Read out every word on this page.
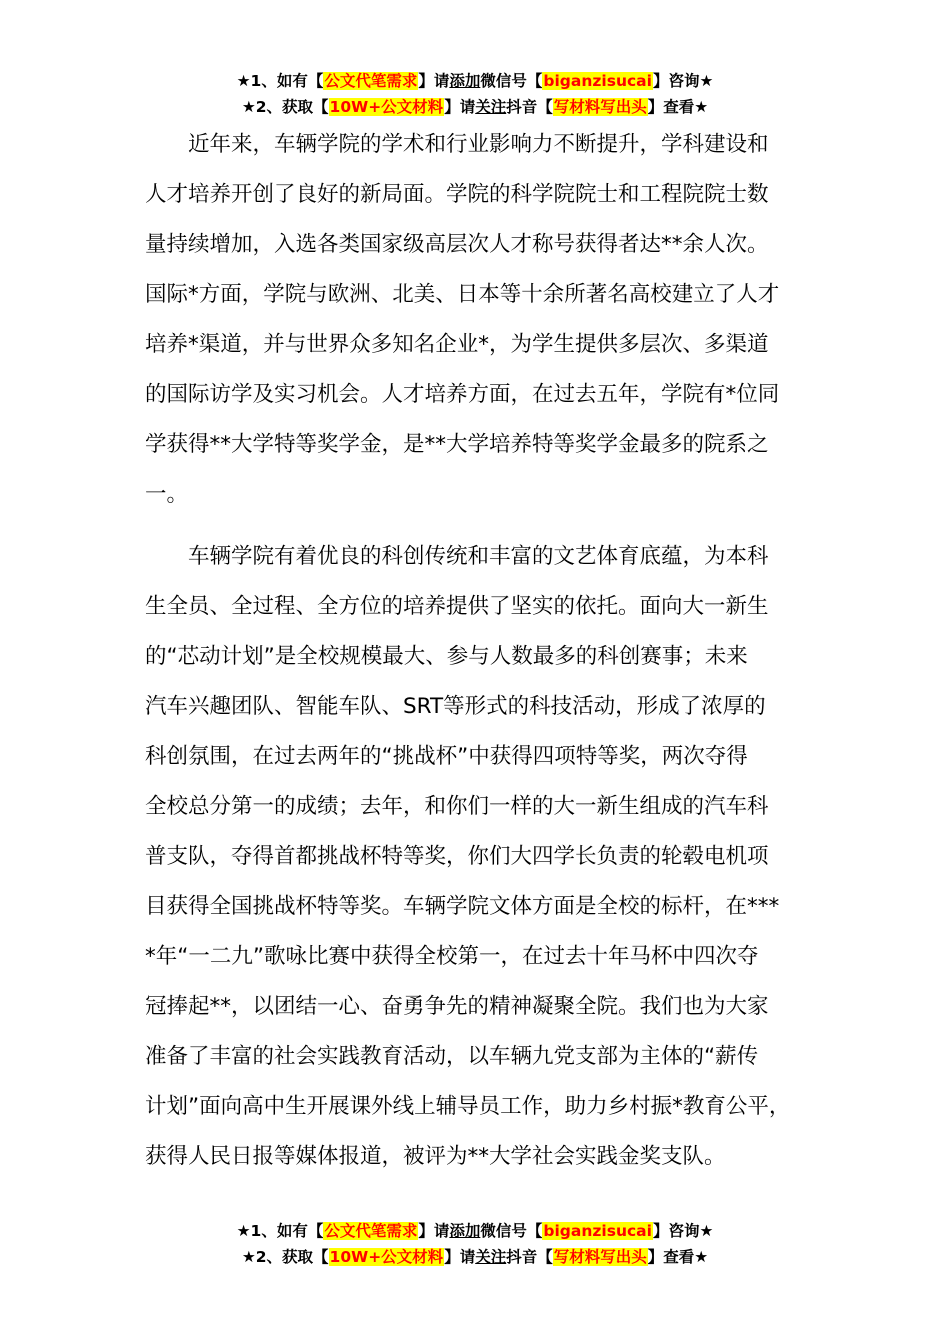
★1、如有【公文代笔需求】请添加微信号【biganzisucai】咨询★
★2、获取【10W+公文材料】请关注抖音【写材料写出头】查看★
　　近年来，车辆学院的学术和行业影响力不断提升，学科建设和
人才培养开创了良好的新局面。学院的科学院院士和工程院院士数
量持续增加，入选各类国家级高层次人才称号获得者达**余人次。
国际*方面，学院与欧洲、北美、日本等十余所著名高校建立了人才
培养*渠道，并与世界众多知名企业*，为学生提供多层次、多渠道
的国际访学及实习机会。人才培养方面，在过去五年，学院有*位同
学获得**大学特等奖学金，是**大学培养特等奖学金最多的院系之
一。
　　车辆学院有着优良的科创传统和丰富的文艺体育底蕴，为本科
生全员、全过程、全方位的培养提供了坚实的依托。面向大一新生
的“芯动计划”是全校规模最大、参与人数最多的科创赛事；未来
汽车兴趣团队、智能车队、SRT等形式的科技活动，形成了浓厚的
科创氛围，在过去两年的“挑战杯”中获得四项特等奖，两次夺得
全校总分第一的成绩；去年，和你们一样的大一新生组成的汽车科
普支队，夺得首都挑战杯特等奖，你们大四学长负责的轮毂电机项
目获得全国挑战杯特等奖。车辆学院文体方面是全校的标杆，在***
*年“一二九”歌咏比赛中获得全校第一，在过去十年马杯中四次夺
冠捧起**，以团结一心、奋勇争先的精神凝聚全院。我们也为大家
准备了丰富的社会实践教育活动，以车辆九党支部为主体的“薪传
计划”面向高中生开展课外线上辅导员工作，助力乡村振*教育公平，
获得人民日报等媒体报道，被评为**大学社会实践金奖支队。
★1、如有【公文代笔需求】请添加微信号【biganzisucai】咨询★
★2、获取【10W+公文材料】请关注抖音【写材料写出头】查看★
